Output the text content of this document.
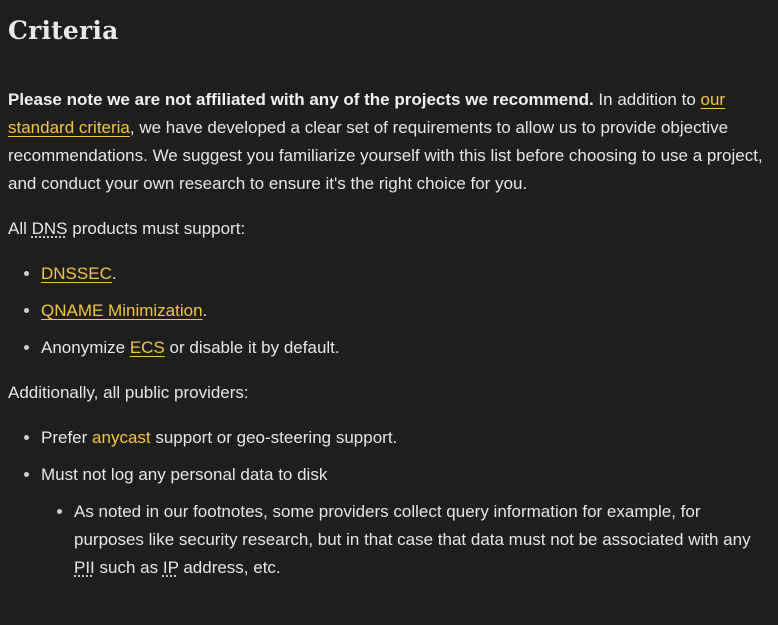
Criteria

Please note we are not affiliated with any of the projects we recommend. In addition to our standard criteria, we have developed a clear set of requirements to allow us to provide objective recommendations. We suggest you familiarize yourself with this list before choosing to use a project, and conduct your own research to ensure it's the right choice for you.

All DNS products must support:

• DNSSEC.
• QNAME Minimization.
• Anonymize ECS or disable it by default.

Additionally, all public providers:

• Prefer anycast support or geo-steering support.
• Must not log any personal data to disk
• As noted in our footnotes, some providers collect query information for example, for purposes like security research, but in that case that data must not be associated with any PII such as IP address, etc.
